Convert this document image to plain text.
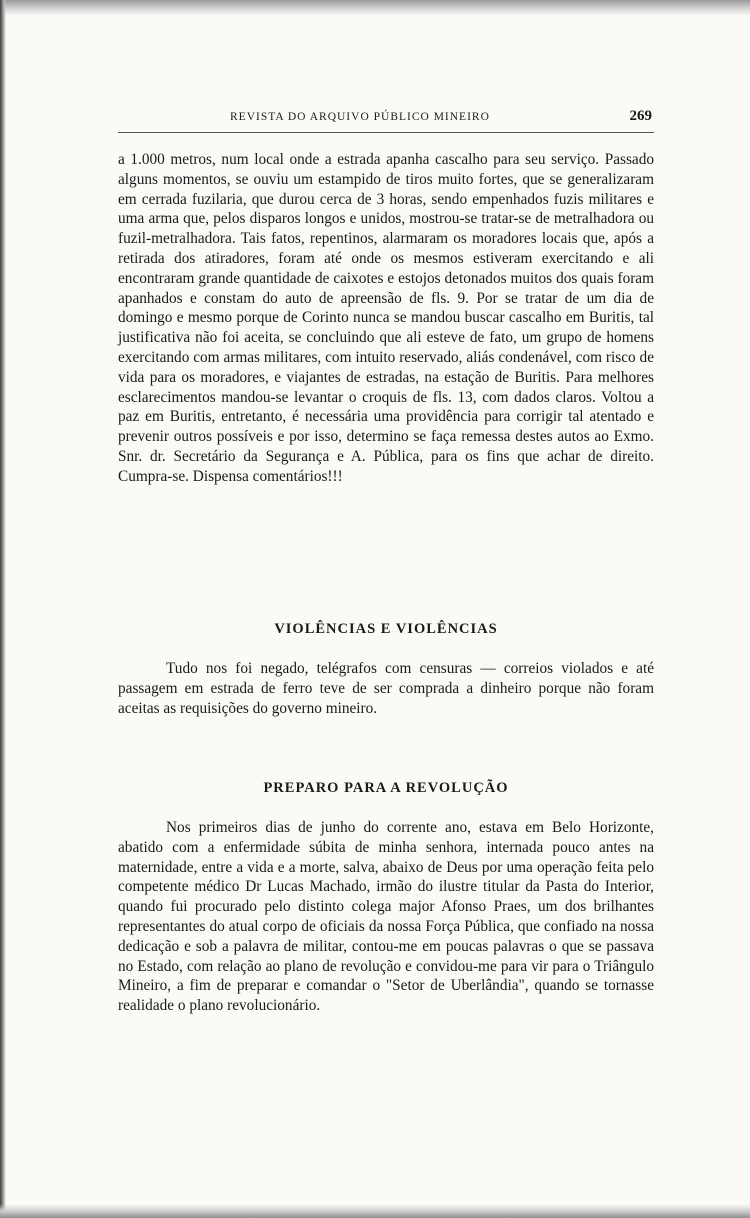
REVISTA DO ARQUIVO PÚBLICO MINEIRO	269

a 1.000 metros, num local onde a estrada apanha cascalho para seu serviço. Passado alguns momentos, se ouviu um estampido de tiros muito fortes, que se generalizaram em cerrada fuzilaria, que durou cerca de 3 horas, sendo empenhados fuzis militares e uma arma que, pelos disparos longos e unidos, mostrou-se tratar-se de metralhadora ou fuzil-metralhadora. Tais fatos, repentinos, alarmaram os moradores locais que, após a retirada dos atiradores, foram até onde os mesmos estiveram exercitando e ali encontraram grande quantidade de caixotes e estojos detonados muitos dos quais foram apanhados e constam do auto de apreensão de fls. 9. Por se tratar de um dia de domingo e mesmo porque de Corinto nunca se mandou buscar cascalho em Buritis, tal justificativa não foi aceita, se concluindo que ali esteve de fato, um grupo de homens exercitando com armas militares, com intuito reservado, aliás condenável, com risco de vida para os moradores, e viajantes de estradas, na estação de Buritis. Para melhores esclarecimentos mandou-se levantar o croquis de fls. 13, com dados claros. Voltou a paz em Buritis, entretanto, é necessária uma providência para corrigir tal atentado e prevenir outros possíveis e por isso, determino se faça remessa destes autos ao Exmo. Snr. dr. Secretário da Segurança e A. Pública, para os fins que achar de direito. Cumpra-se. Dispensa comentários!!!

VIOLÊNCIAS E VIOLÊNCIAS

Tudo nos foi negado, telégrafos com censuras — correios violados e até passagem em estrada de ferro teve de ser comprada a dinheiro porque não foram aceitas as requisições do governo mineiro.

PREPARO PARA A REVOLUÇÃO

Nos primeiros dias de junho do corrente ano, estava em Belo Horizonte, abatido com a enfermidade súbita de minha senhora, internada pouco antes na maternidade, entre a vida e a morte, salva, abaixo de Deus por uma operação feita pelo competente médico Dr Lucas Machado, irmão do ilustre titular da Pasta do Interior, quando fui procurado pelo distinto colega major Afonso Praes, um dos brilhantes representantes do atual corpo de oficiais da nossa Força Pública, que confiado na nossa dedicação e sob a palavra de militar, contou-me em poucas palavras o que se passava no Estado, com relação ao plano de revolução e convidou-me para vir para o Triângulo Mineiro, a fim de preparar e comandar o "Setor de Uberlândia", quando se tornasse realidade o plano revolucionário.
